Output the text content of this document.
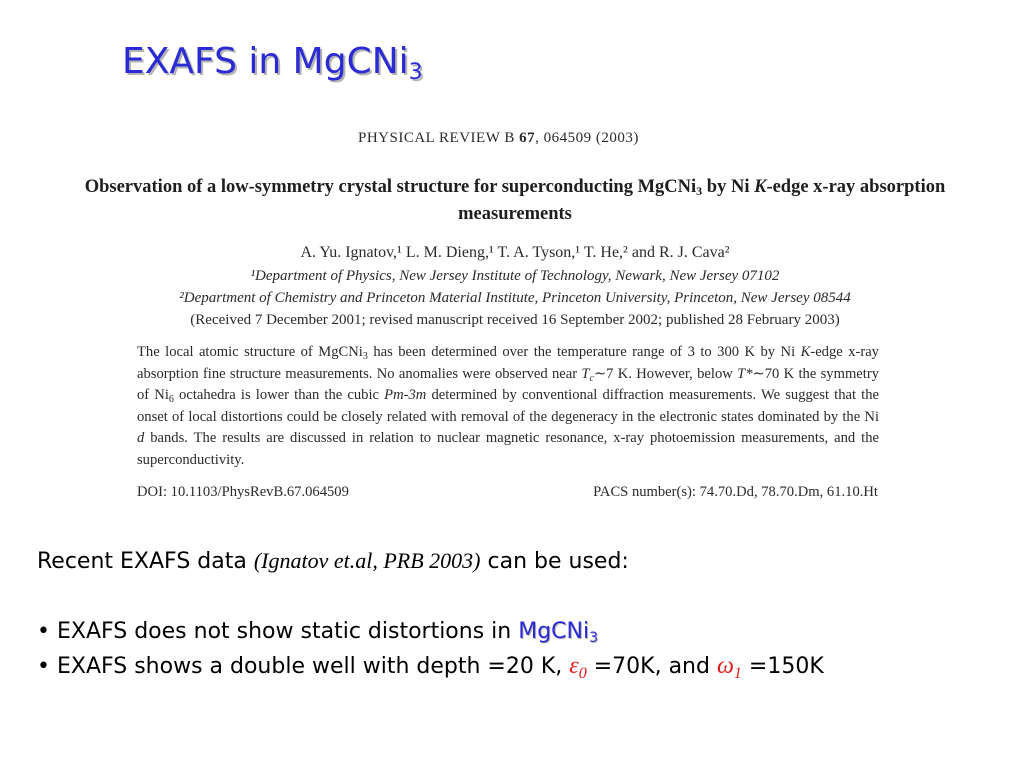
EXAFS in MgCNi$_3$
PHYSICAL REVIEW B 67, 064509 (2003)
Observation of a low-symmetry crystal structure for superconducting MgCNi$_3$ by Ni K-edge x-ray absorption measurements
A. Yu. Ignatov,¹ L. M. Dieng,¹ T. A. Tyson,¹ T. He,² and R. J. Cava²
¹Department of Physics, New Jersey Institute of Technology, Newark, New Jersey 07102
²Department of Chemistry and Princeton Material Institute, Princeton University, Princeton, New Jersey 08544
(Received 7 December 2001; revised manuscript received 16 September 2002; published 28 February 2003)

The local atomic structure of MgCNi$_3$ has been determined over the temperature range of 3 to 300 K by Ni K-edge x-ray absorption fine structure measurements. No anomalies were observed near $T_c\sim 7$ K. However, below T*∼70 K the symmetry of $Ni_6$ octahedra is lower than the cubic Pm-3m determined by conventional diffraction measurements. We suggest that the onset of local distortions could be closely related with removal of the degeneracy in the electronic states dominated by the Ni d bands. The results are discussed in relation to nuclear magnetic resonance, x-ray photoemission measurements, and the superconductivity.

DOI: 10.1103/PhysRevB.67.064509	PACS number(s): 74.70.Dd, 78.70.Dm, 61.10.Ht

Recent EXAFS data (Ignatov et.al, PRB 2003) can be used:

• EXAFS does not show static distortions in MgCNi$_3$
• EXAFS shows a double well with depth =20 K, $\varepsilon_0 =70K$, and $\omega_1 =150K$
